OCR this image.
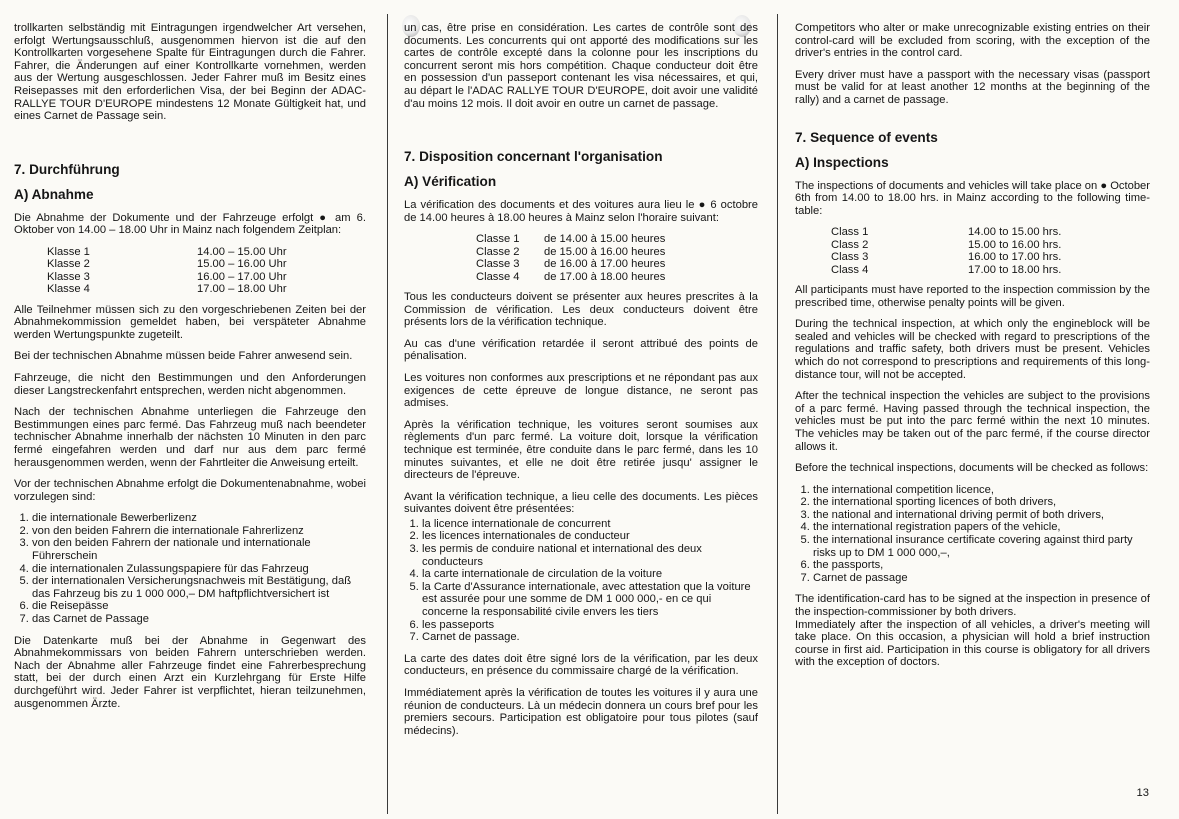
trollkarten selbständig mit Eintragungen irgendwelcher Art versehen, erfolgt Wertungsausschluß, ausgenommen hiervon ist die auf den Kontrollkarten vorgesehene Spalte für Eintragungen durch die Fahrer. Fahrer, die Änderungen auf einer Kontrollkarte vornehmen, werden aus der Wertung ausgeschlossen. Jeder Fahrer muß im Besitz eines Reisepasses mit den erforderlichen Visa, der bei Beginn der ADAC-RALLYE TOUR D'EUROPE mindestens 12 Monate Gültigkeit hat, und eines Carnet de Passage sein.

7. Durchführung
A) Abnahme

Die Abnahme der Dokumente und der Fahrzeuge erfolgt ● am 6. Oktober von 14.00 – 18.00 Uhr in Mainz nach folgendem Zeitplan:

Klasse 1	14.00 – 15.00 Uhr
Klasse 2	15.00 – 16.00 Uhr
Klasse 3	16.00 – 17.00 Uhr
Klasse 4	17.00 – 18.00 Uhr

Alle Teilnehmer müssen sich zu den vorgeschriebenen Zeiten bei der Abnahmekommission gemeldet haben, bei verspäteter Abnahme werden Wertungspunkte zugeteilt.

Bei der technischen Abnahme müssen beide Fahrer anwesend sein.

Fahrzeuge, die nicht den Bestimmungen und den Anforderungen dieser Langstreckenfahrt entsprechen, werden nicht abgenommen.

Nach der technischen Abnahme unterliegen die Fahrzeuge den Bestimmungen eines parc fermé. Das Fahrzeug muß nach beendeter technischer Abnahme innerhalb der nächsten 10 Minuten in den parc fermé eingefahren werden und darf nur aus dem parc fermé herausgenommen werden, wenn der Fahrtleiter die Anweisung erteilt.

Vor der technischen Abnahme erfolgt die Dokumentenabnahme, wobei vorzulegen sind:

1. die internationale Bewerberlizenz
2. von den beiden Fahrern die internationale Fahrerlizenz
3. von den beiden Fahrern der nationale und internationale Führerschein
4. die internationalen Zulassungspapiere für das Fahrzeug
5. der internationalen Versicherungsnachweis mit Bestätigung, daß das Fahrzeug bis zu 1 000 000,– DM haftpflichtversichert ist
6. die Reisepässe
7. das Carnet de Passage

Die Datenkarte muß bei der Abnahme in Gegenwart des Abnahmekommissars von beiden Fahrern unterschrieben werden. Nach der Abnahme aller Fahrzeuge findet eine Fahrerbesprechung statt, bei der durch einen Arzt ein Kurzlehrgang für Erste Hilfe durchgeführt wird. Jeder Fahrer ist verpflichtet, hieran teilzunehmen, ausgenommen Ärzte.

un cas, être prise en considération. Les cartes de contrôle sont des documents. Les concurrents qui ont apporté des modifications sur les cartes de contrôle excepté dans la colonne pour les inscriptions du concurrent seront mis hors compétition. Chaque conducteur doit être en possession d'un passeport contenant les visa nécessaires, et qui, au départ le l'ADAC RALLYE TOUR D'EUROPE, doit avoir une validité d'au moins 12 mois. Il doit avoir en outre un carnet de passage.

7. Disposition concernant l'organisation
A) Vérification

La vérification des documents et des voitures aura lieu le ● 6 octobre de 14.00 heures à 18.00 heures à Mainz selon l'horaire suivant:

Classe 1	de 14.00 à 15.00 heures
Classe 2	de 15.00 à 16.00 heures
Classe 3	de 16.00 à 17.00 heures
Classe 4	de 17.00 à 18.00 heures

Tous les conducteurs doivent se présenter aux heures prescrites à la Commission de vérification. Les deux conducteurs doivent être présents lors de la vérification technique.

Au cas d'une vérification retardée il seront attribué des points de pénalisation.

Les voitures non conformes aux prescriptions et ne répondant pas aux exigences de cette épreuve de longue distance, ne seront pas admises.

Après la vérification technique, les voitures seront soumises aux règlements d'un parc fermé. La voiture doit, lorsque la vérification technique est terminée, être conduite dans le parc fermé, dans les 10 minutes suivantes, et elle ne doit être retirée jusqu' assigner le directeurs de l'épreuve.

Avant la vérification technique, a lieu celle des documents. Les pièces suivantes doivent être présentées:

1. la licence internationale de concurrent
2. les licences internationales de conducteur
3. les permis de conduire national et international des deux conducteurs
4. la carte internationale de circulation de la voiture
5. la Carte d'Assurance internationale, avec attestation que la voiture est assurée pour une somme de DM 1 000 000,- en ce qui concerne la responsabilité civile envers les tiers
6. les passeports
7. Carnet de passage.

La carte des dates doit être signé lors de la vérification, par les deux conducteurs, en présence du commissaire chargé de la vérification.

Immédiatement après la vérification de toutes les voitures il y aura une réunion de conducteurs. Là un médecin donnera un cours bref pour les premiers secours. Participation est obligatoire pour tous pilotes (sauf médecins).

Competitors who alter or make unrecognizable existing entries on their control-card will be excluded from scoring, with the exception of the driver's entries in the control card.

Every driver must have a passport with the necessary visas (passport must be valid for at least another 12 months at the beginning of the rally) and a carnet de passage.

7. Sequence of events
A) Inspections

The inspections of documents and vehicles will take place on ● October 6th from 14.00 to 18.00 hrs. in Mainz according to the following time-table:

Class 1	14.00 to 15.00 hrs.
Class 2	15.00 to 16.00 hrs.
Class 3	16.00 to 17.00 hrs.
Class 4	17.00 to 18.00 hrs.

All participants must have reported to the inspection commission by the prescribed time, otherwise penalty points will be given.

During the technical inspection, at which only the engineblock will be sealed and vehicles will be checked with regard to prescriptions of the regulations and traffic safety, both drivers must be present. Vehicles which do not correspond to prescriptions and requirements of this long-distance tour, will not be accepted.

After the technical inspection the vehicles are subject to the provisions of a parc fermé. Having passed through the technical inspection, the vehicles must be put into the parc fermé within the next 10 minutes. The vehicles may be taken out of the parc fermé, if the course director allows it.

Before the technical inspections, documents will be checked as follows:

1. the international competition licence,
2. the international sporting licences of both drivers,
3. the national and international driving permit of both drivers,
4. the international registration papers of the vehicle,
5. the international insurance certificate covering against third party risks up to DM 1 000 000,–,
6. the passports,
7. Carnet de passage

The identification-card has to be signed at the inspection in presence of the inspection-commissioner by both drivers.

Immediately after the inspection of all vehicles, a driver's meeting will take place. On this occasion, a physician will hold a brief instruction course in first aid. Participation in this course is obligatory for all drivers with the exception of doctors.

13
